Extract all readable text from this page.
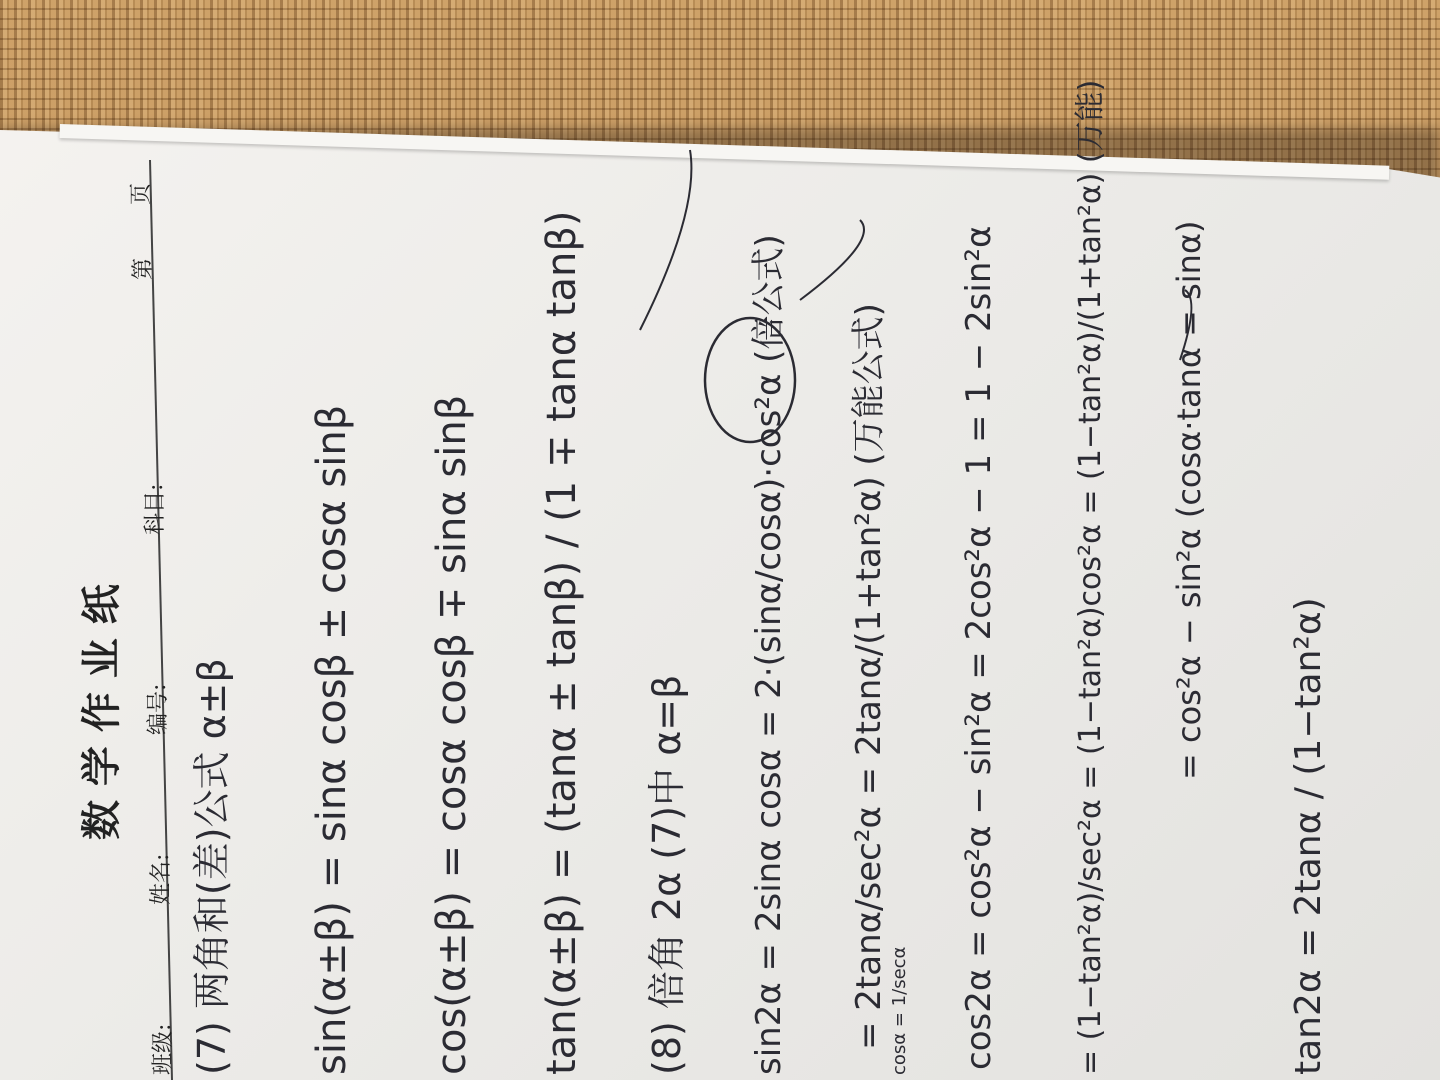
数 学 作 业 纸
班级:
姓名:
编号:
科目:
第
页
(7) 两角和(差)公式 α±β sin(α±β) = sinα cosβ ± cosα sinβ cos(α±β) = cosα cosβ ∓ sinα sinβ tan(α±β) = (tanα ± tanβ) / (1 ∓ tanα tanβ) (8) 倍角 2α (7)中 α=β sin2α = 2sinα cosα = 2·(sinα/cosα)·cos²α (倍公式) = 2tanα/sec²α = 2tanα/(1+tan²α) (万能公式) cos2α = cos²α − sin²α = 2cos²α − 1 = 1 − 2sin²α = (1−tan²α)/sec²α = (1−tan²α)cos²α = (1−tan²α)/(1+tan²α) (万能) = cos²α − sin²α (cosα·tanα = sinα)
tan2α = 2tanα / (1−tan²α)
cosα = 1/secα
